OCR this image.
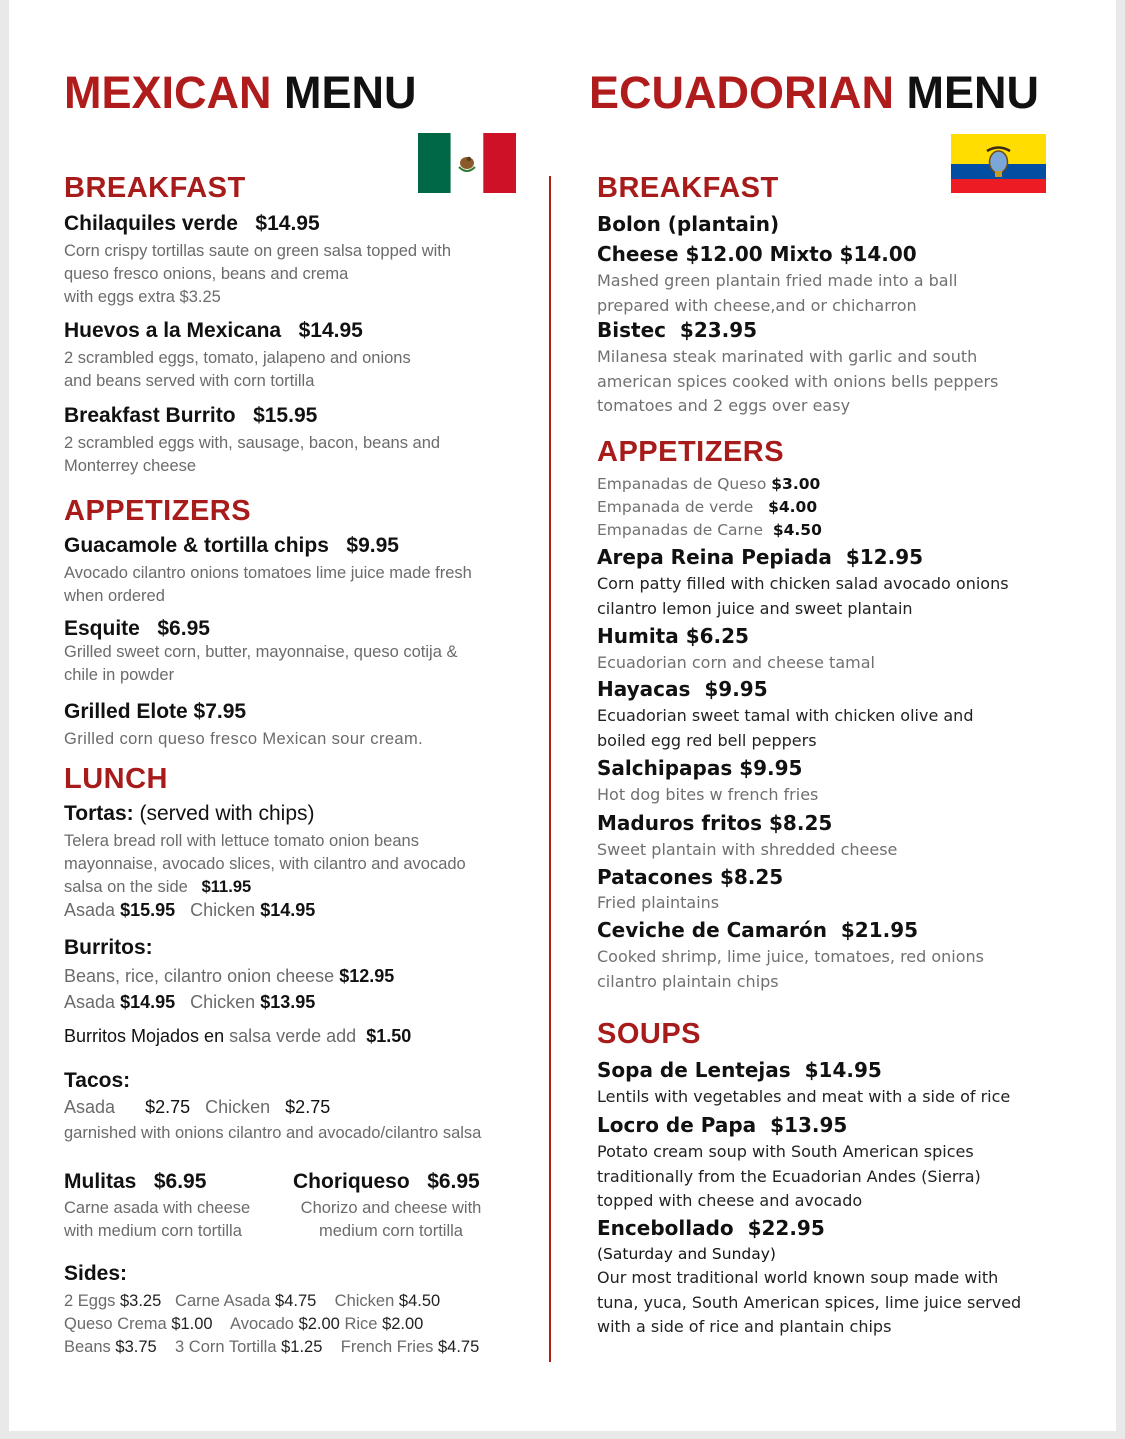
MEXICAN MENU
BREAKFAST
Chilaquiles verde $14.95
Corn crispy tortillas saute on green salsa topped with
queso fresco onions, beans and crema
with eggs extra $3.25
Huevos a la Mexicana $14.95
2 scrambled eggs, tomato, jalapeno and onions
and beans served with corn tortilla
Breakfast Burrito $15.95
2 scrambled eggs with, sausage, bacon, beans and
Monterrey cheese
APPETIZERS
Guacamole & tortilla chips $9.95
Avocado cilantro onions tomatoes lime juice made fresh
when ordered
Esquite $6.95
Grilled sweet corn, butter, mayonnaise, queso cotija &
chile in powder
Grilled Elote $7.95
Grilled corn queso fresco Mexican sour cream.
LUNCH
Tortas: (served with chips)
Telera bread roll with lettuce tomato onion beans
mayonnaise, avocado slices, with cilantro and avocado
salsa on the side $11.95
Asada $15.95 Chicken $14.95
Burritos:
Beans, rice, cilantro onion cheese $12.95
Asada $14.95 Chicken $13.95
Burritos Mojados en salsa verde add $1.50
Tacos:
Asada $2.75 Chicken $2.75
garnished with onions cilantro and avocado/cilantro salsa
Mulitas $6.95
Carne asada with cheese
with medium corn tortilla
Choriqueso $6.95
Chorizo and cheese with
medium corn tortilla
Sides:
2 Eggs $3.25 Carne Asada $4.75 Chicken $4.50
Queso Crema $1.00 Avocado $2.00 Rice $2.00
Beans $3.75 3 Corn Tortilla $1.25 French Fries $4.75
ECUADORIAN MENU
BREAKFAST
Bolon (plantain)
Cheese $12.00 Mixto $14.00
Mashed green plantain fried made into a ball
prepared with cheese,and or chicharron
Bistec $23.95
Milanesa steak marinated with garlic and south
american spices cooked with onions bells peppers
tomatoes and 2 eggs over easy
APPETIZERS
Empanadas de Queso $3.00
Empanada de verde $4.00
Empanadas de Carne $4.50
Arepa Reina Pepiada $12.95
Corn patty filled with chicken salad avocado onions
cilantro lemon juice and sweet plantain
Humita $6.25
Ecuadorian corn and cheese tamal
Hayacas $9.95
Ecuadorian sweet tamal with chicken olive and
boiled egg red bell peppers
Salchipapas $9.95
Hot dog bites w french fries
Maduros fritos $8.25
Sweet plantain with shredded cheese
Patacones $8.25
Fried plaintains
Ceviche de Camarón $21.95
Cooked shrimp, lime juice, tomatoes, red onions
cilantro plaintain chips
SOUPS
Sopa de Lentejas $14.95
Lentils with vegetables and meat with a side of rice
Locro de Papa $13.95
Potato cream soup with South American spices
traditionally from the Ecuadorian Andes (Sierra)
topped with cheese and avocado
Encebollado $22.95
(Saturday and Sunday)
Our most traditional world known soup made with
tuna, yuca, South American spices, lime juice served
with a side of rice and plantain chips
